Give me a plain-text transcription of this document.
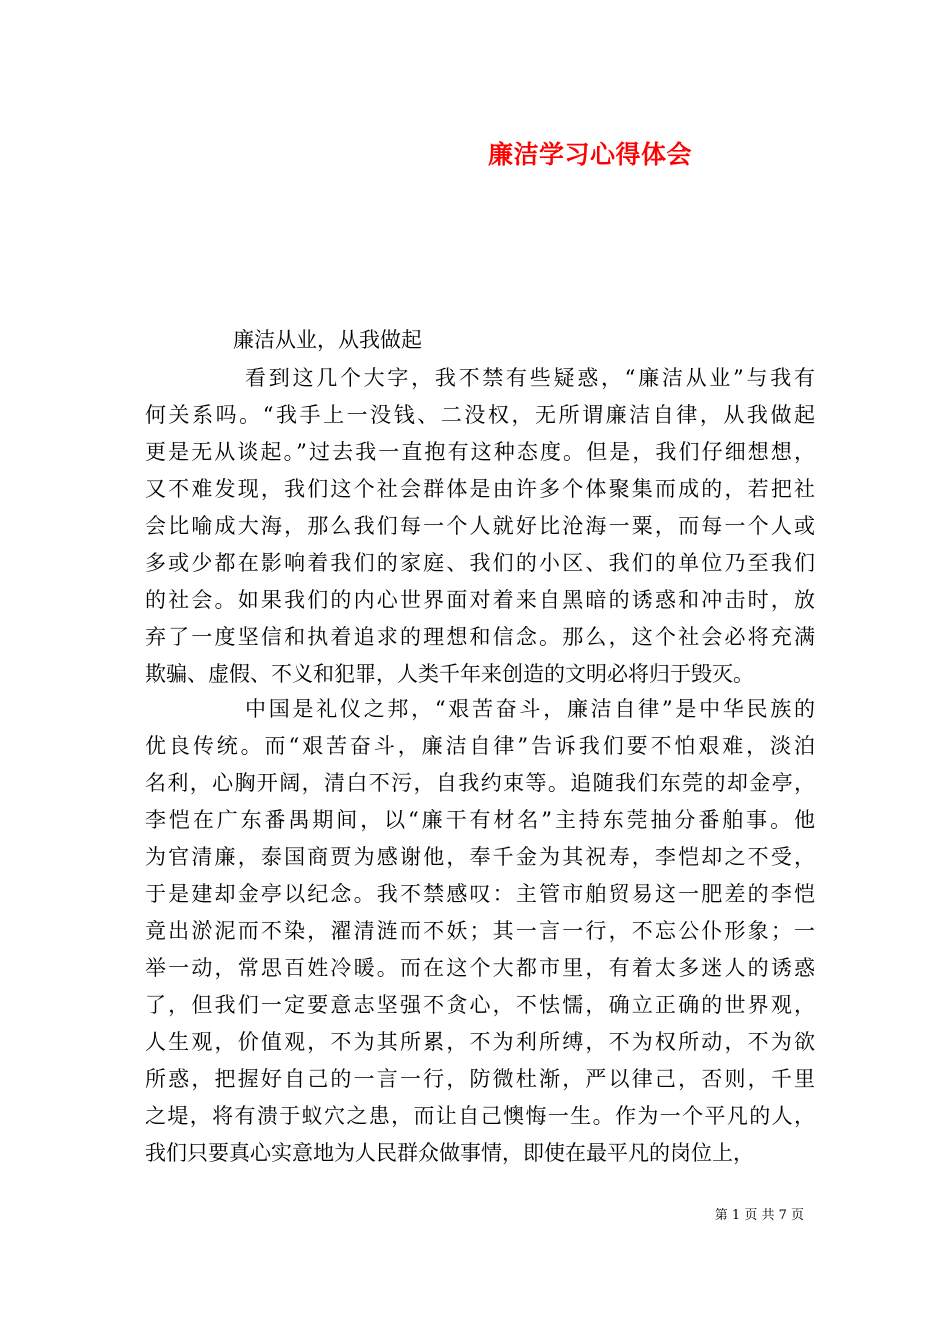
廉洁学习心得体会
廉洁从业，从我做起
看到这几个大字，我不禁有些疑惑，“廉洁从业”与我有
何关系吗。“我手上一没钱、二没权，无所谓廉洁自律，从我做起
更是无从谈起。”过去我一直抱有这种态度。但是，我们仔细想想，
又不难发现，我们这个社会群体是由许多个体聚集而成的，若把社
会比喻成大海，那么我们每一个人就好比沧海一粟，而每一个人或
多或少都在影响着我们的家庭、我们的小区、我们的单位乃至我们
的社会。如果我们的内心世界面对着来自黑暗的诱惑和冲击时，放
弃了一度坚信和执着追求的理想和信念。那么，这个社会必将充满
欺骗、虚假、不义和犯罪，人类千年来创造的文明必将归于毁灭。
中国是礼仪之邦，“艰苦奋斗，廉洁自律”是中华民族的
优良传统。而“艰苦奋斗，廉洁自律”告诉我们要不怕艰难，淡泊
名利，心胸开阔，清白不污，自我约束等。追随我们东莞的却金亭，
李恺在广东番禺期间，以“廉干有材名”主持东莞抽分番舶事。他
为官清廉，泰国商贾为感谢他，奉千金为其祝寿，李恺却之不受，
于是建却金亭以纪念。我不禁感叹：主管市舶贸易这一肥差的李恺
竟出淤泥而不染，濯清涟而不妖；其一言一行，不忘公仆形象；一
举一动，常思百姓冷暖。而在这个大都市里，有着太多迷人的诱惑
了，但我们一定要意志坚强不贪心，不怯懦，确立正确的世界观，
人生观，价值观，不为其所累，不为利所缚，不为权所动，不为欲
所惑，把握好自己的一言一行，防微杜渐，严以律己，否则，千里
之堤，将有溃于蚁穴之患，而让自己懊悔一生。作为一个平凡的人，
我们只要真心实意地为人民群众做事情，即使在最平凡的岗位上，
第 1 页 共 7 页
